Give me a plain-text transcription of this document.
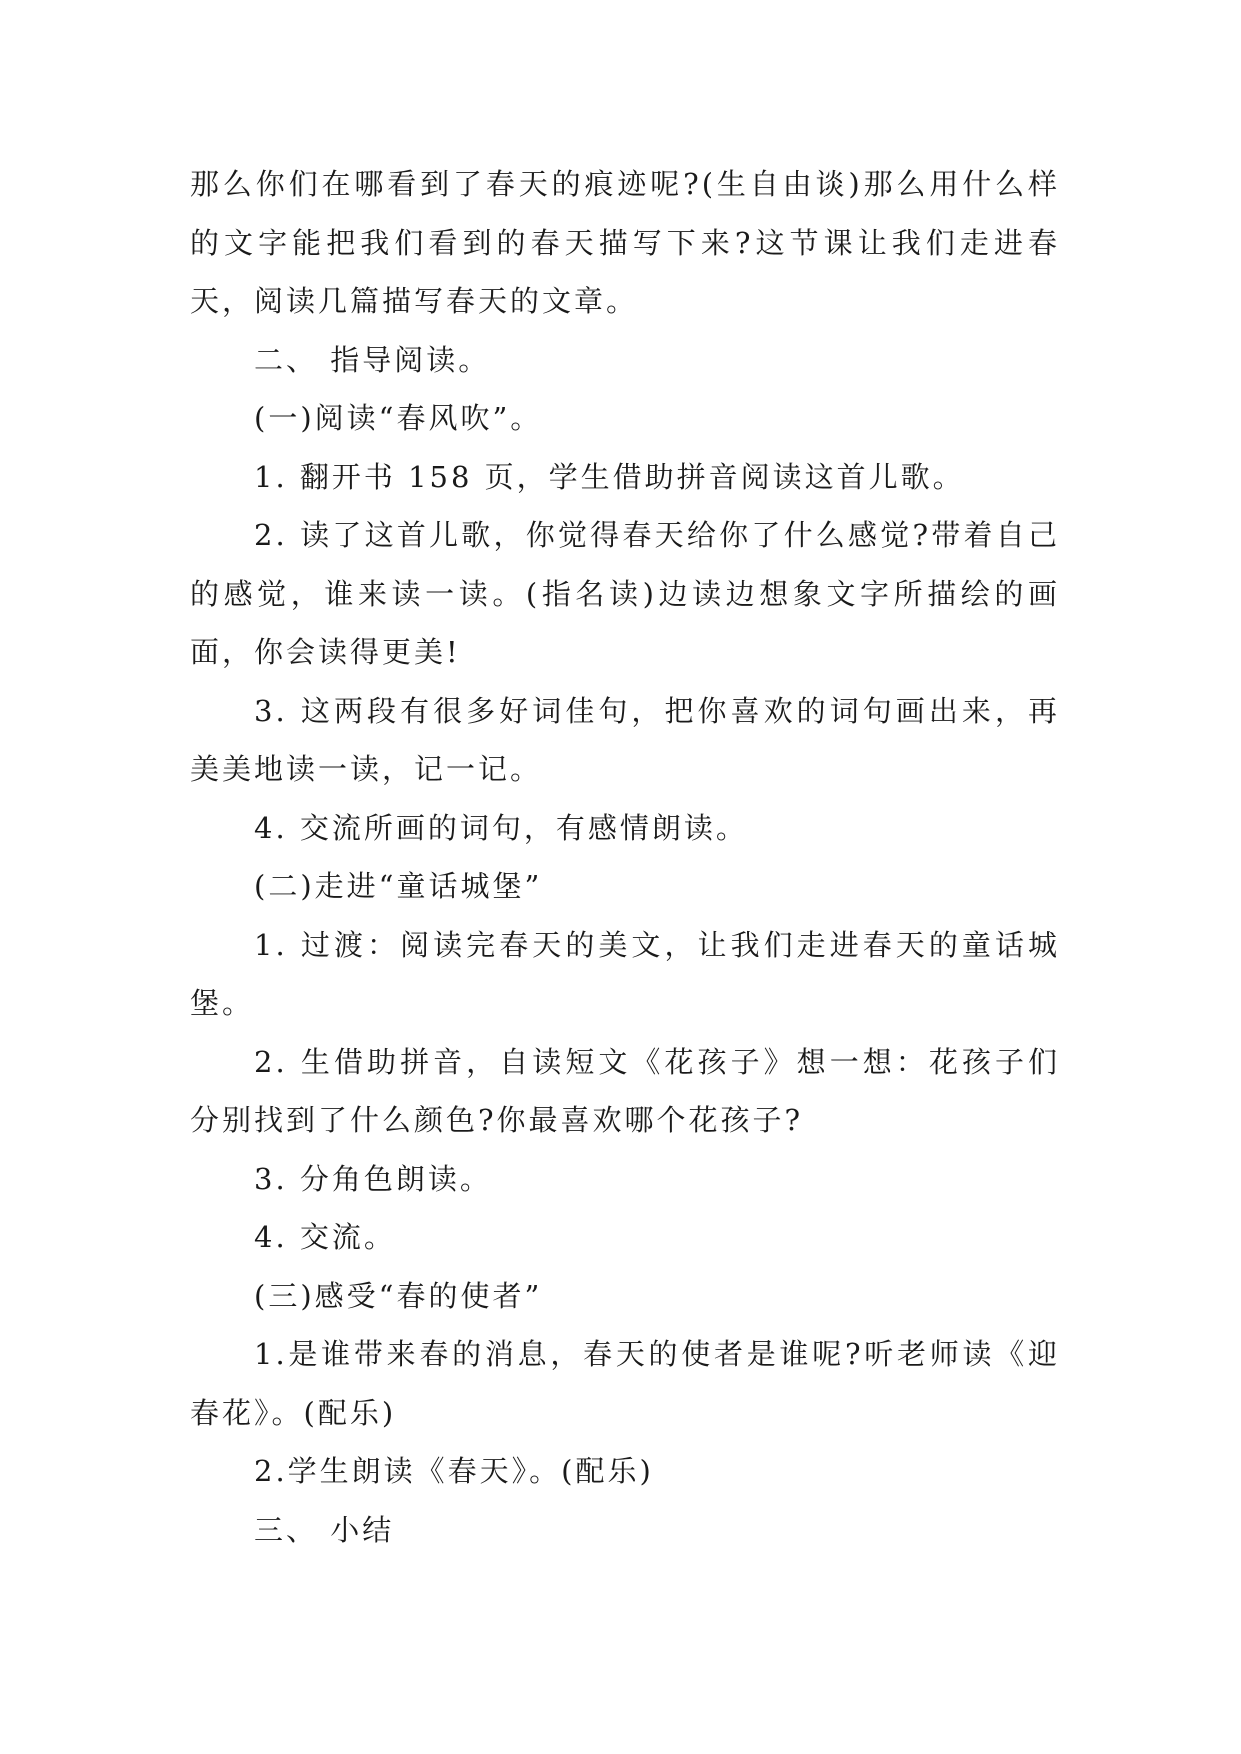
那么你们在哪看到了春天的痕迹呢?(生自由谈)那么用什么样的文字能把我们看到的春天描写下来?这节课让我们走进春天，阅读几篇描写春天的文章。

二、 指导阅读。

(一)阅读“春风吹”。

1. 翻开书 158 页，学生借助拼音阅读这首儿歌。

2. 读了这首儿歌，你觉得春天给你了什么感觉?带着自己的感觉，谁来读一读。(指名读)边读边想象文字所描绘的画面，你会读得更美!

3. 这两段有很多好词佳句，把你喜欢的词句画出来，再美美地读一读，记一记。

4. 交流所画的词句，有感情朗读。

(二)走进“童话城堡”

1. 过渡：阅读完春天的美文，让我们走进春天的童话城堡。

2. 生借助拼音，自读短文《花孩子》想一想：花孩子们分别找到了什么颜色?你最喜欢哪个花孩子?

3. 分角色朗读。

4. 交流。

(三)感受“春的使者”

1.是谁带来春的消息，春天的使者是谁呢?听老师读《迎春花》。(配乐)

2.学生朗读《春天》。(配乐)

三、 小结
